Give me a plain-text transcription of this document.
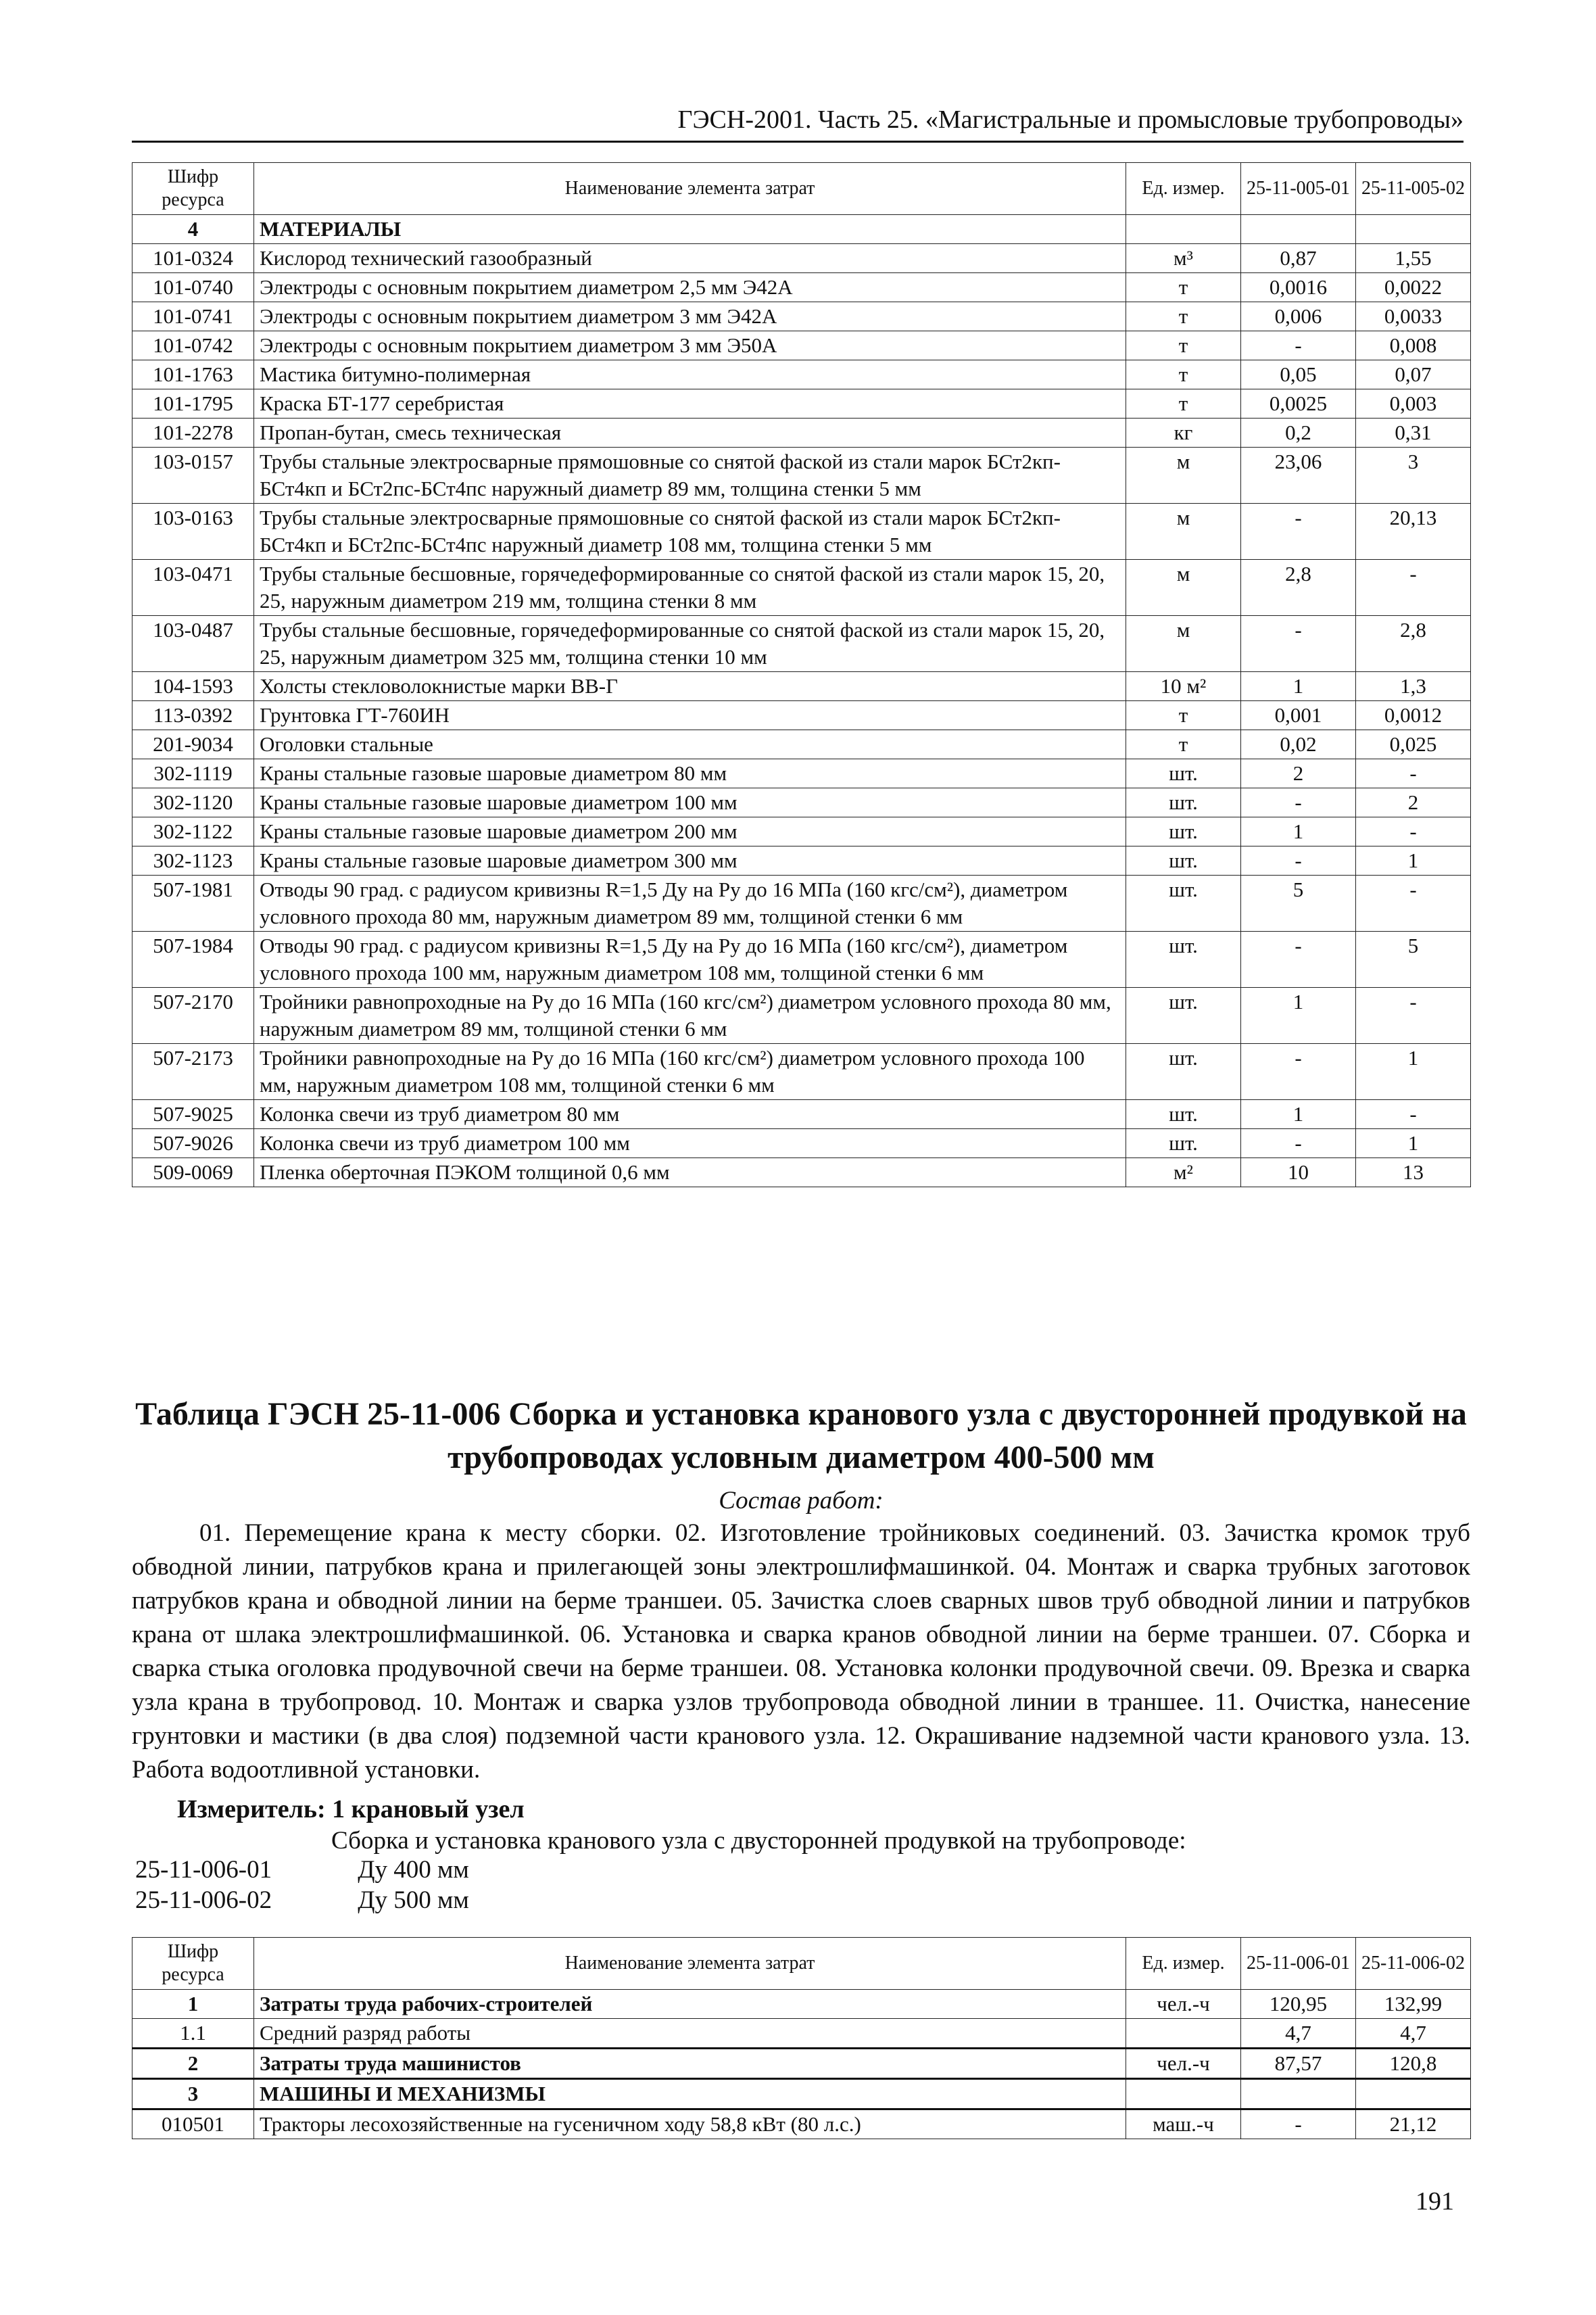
ГЭСН-2001. Часть 25. «Магистральные и промысловые трубопроводы»
Шифр ресурса	Наименование элемента затрат	Ед. измер.	25-11-005-01	25-11-005-02
4	МАТЕРИАЛЫ			
101-0324	Кислород технический газообразный	м³	0,87	1,55
101-0740	Электроды с основным покрытием диаметром 2,5 мм Э42А	т	0,0016	0,0022
101-0741	Электроды с основным покрытием диаметром 3 мм Э42А	т	0,006	0,0033
101-0742	Электроды с основным покрытием диаметром 3 мм Э50А	т	-	0,008
101-1763	Мастика битумно-полимерная	т	0,05	0,07
101-1795	Краска БТ-177 серебристая	т	0,0025	0,003
101-2278	Пропан-бутан, смесь техническая	кг	0,2	0,31
103-0157	Трубы стальные электросварные прямошовные со снятой фаской из стали марок БСт2кп-БСт4кп и БСт2пс-БСт4пс наружный диаметр 89 мм, толщина стенки 5 мм	м	23,06	3
103-0163	Трубы стальные электросварные прямошовные со снятой фаской из стали марок БСт2кп-БСт4кп и БСт2пс-БСт4пс наружный диаметр 108 мм, толщина стенки 5 мм	м	-	20,13
103-0471	Трубы стальные бесшовные, горячедеформированные со снятой фаской из стали марок 15, 20, 25, наружным диаметром 219 мм, толщина стенки 8 мм	м	2,8	-
103-0487	Трубы стальные бесшовные, горячедеформированные со снятой фаской из стали марок 15, 20, 25, наружным диаметром 325 мм, толщина стенки 10 мм	м	-	2,8
104-1593	Холсты стекловолокнистые марки ВВ-Г	10 м²	1	1,3
113-0392	Грунтовка ГТ-760ИН	т	0,001	0,0012
201-9034	Оголовки стальные	т	0,02	0,025
302-1119	Краны стальные газовые шаровые диаметром 80 мм	шт.	2	-
302-1120	Краны стальные газовые шаровые диаметром 100 мм	шт.	-	2
302-1122	Краны стальные газовые шаровые диаметром 200 мм	шт.	1	-
302-1123	Краны стальные газовые шаровые диаметром 300 мм	шт.	-	1
507-1981	Отводы 90 град. с радиусом кривизны R=1,5 Ду на Ру до 16 МПа (160 кгс/см²), диаметром условного прохода 80 мм, наружным диаметром 89 мм, толщиной стенки 6 мм	шт.	5	-
507-1984	Отводы 90 град. с радиусом кривизны R=1,5 Ду на Ру до 16 МПа (160 кгс/см²), диаметром условного прохода 100 мм, наружным диаметром 108 мм, толщиной стенки 6 мм	шт.	-	5
507-2170	Тройники равнопроходные на Ру до 16 МПа (160 кгс/см²) диаметром условного прохода 80 мм, наружным диаметром 89 мм, толщиной стенки 6 мм	шт.	1	-
507-2173	Тройники равнопроходные на Ру до 16 МПа (160 кгс/см²) диаметром условного прохода 100 мм, наружным диаметром 108 мм, толщиной стенки 6 мм	шт.	-	1
507-9025	Колонка свечи из труб диаметром 80 мм	шт.	1	-
507-9026	Колонка свечи из труб диаметром 100 мм	шт.	-	1
509-0069	Пленка оберточная ПЭКОМ толщиной 0,6 мм	м²	10	13
Таблица ГЭСН 25-11-006 Сборка и установка кранового узла с двусторонней продувкой на трубопроводах условным диаметром 400-500 мм
Состав работ:
01. Перемещение крана к месту сборки. 02. Изготовление тройниковых соединений. 03. Зачистка кромок труб обводной линии, патрубков крана и прилегающей зоны электрошлифмашинкой. 04. Монтаж и сварка трубных заготовок патрубков крана и обводной линии на берме траншеи. 05. Зачистка слоев сварных швов труб обводной линии и патрубков крана от шлака электрошлифмашинкой. 06. Установка и сварка кранов обводной линии на берме траншеи. 07. Сборка и сварка стыка оголовка продувочной свечи на берме траншеи. 08. Установка колонки продувочной свечи. 09. Врезка и сварка узла крана в трубопровод. 10. Монтаж и сварка узлов трубопровода обводной линии в траншее. 11. Очистка, нанесение грунтовки и мастики (в два слоя) подземной части кранового узла. 12. Окрашивание надземной части кранового узла. 13. Работа водоотливной установки.
Измеритель: 1 крановый узел
Сборка и установка кранового узла с двусторонней продувкой на трубопроводе:
25-11-006-01	Ду 400 мм
25-11-006-02	Ду 500 мм
Шифр ресурса	Наименование элемента затрат	Ед. измер.	25-11-006-01	25-11-006-02
1	Затраты труда рабочих-строителей	чел.-ч	120,95	132,99
1.1	Средний разряд работы		4,7	4,7
2	Затраты труда машинистов	чел.-ч	87,57	120,8
3	МАШИНЫ И МЕХАНИЗМЫ			
010501	Тракторы лесохозяйственные на гусеничном ходу 58,8 кВт (80 л.с.)	маш.-ч	-	21,12
191
